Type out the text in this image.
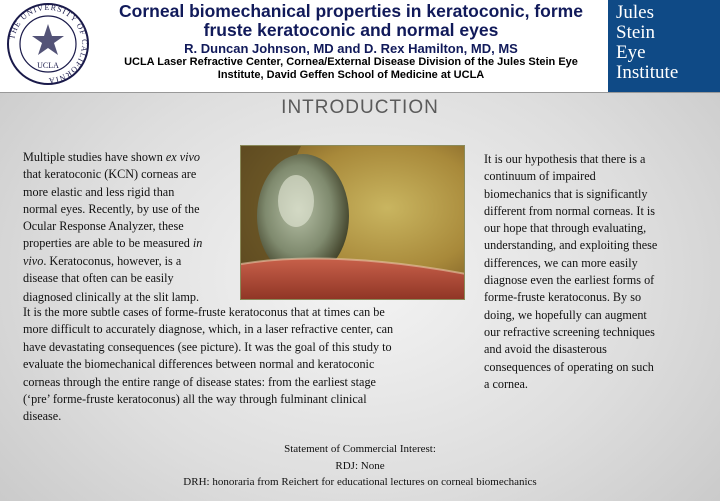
THE UNIVERSITY OF CALIFORNIA
UCLA
Corneal biomechanical properties in keratoconic, forme
fruste keratoconic and normal eyes
R. Duncan Johnson, MD and D. Rex Hamilton, MD, MS
UCLA Laser Refractive Center, Cornea/External Disease Division of the Jules Stein Eye
Institute, David Geffen School of Medicine at UCLA
Jules
Stein
Eye
Institute
INTRODUCTION
Multiple studies have shown ex vivo
that keratoconic (KCN) corneas are
more elastic and less rigid than
normal eyes. Recently, by use of the
Ocular Response Analyzer, these
properties are able to be measured in
vivo. Keratoconus, however, is a
disease that often can be easily
diagnosed clinically at the slit lamp.
It is the more subtle cases of forme-fruste keratoconus that at times can be
more difficult to accurately diagnose, which, in a laser refractive center, can
have devastating consequences (see picture). It was the goal of this study to
evaluate the biomechanical differences between normal and keratoconic
corneas through the entire range of disease states: from the earliest stage
(‘pre’ forme-fruste keratoconus) all the way through fulminant clinical
disease.
It is our hypothesis that there is a
continuum of impaired
biomechanics that is significantly
different from normal corneas. It is
our hope that through evaluating,
understanding, and exploiting these
differences, we can more easily
diagnose even the earliest forms of
forme-fruste keratoconus. By so
doing, we hopefully can augment
our refractive screening techniques
and avoid the disasterous
consequences of operating on such
a cornea.
Statement of Commercial Interest:
RDJ: None
DRH: honoraria from Reichert for educational lectures on corneal biomechanics
